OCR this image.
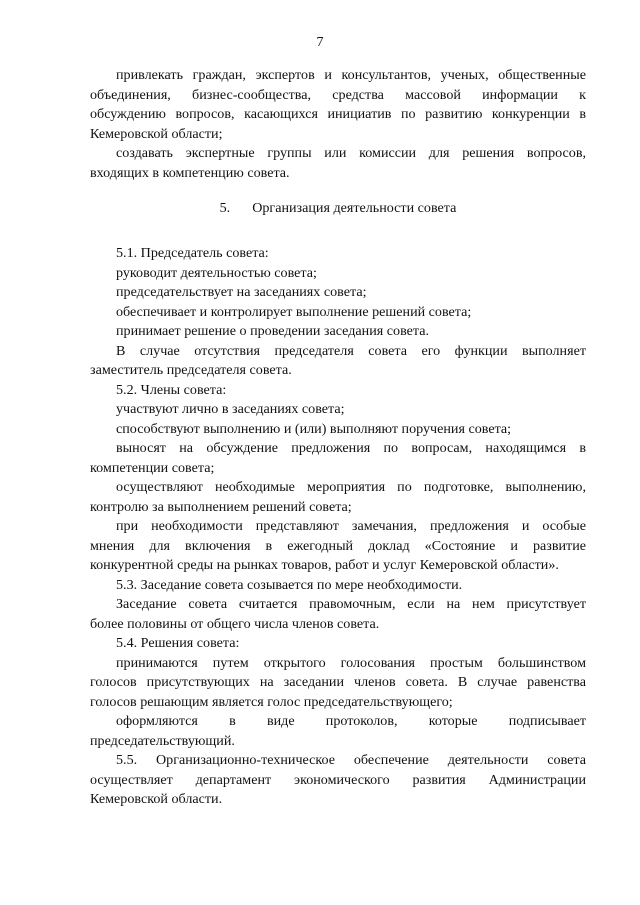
7
привлекать граждан, экспертов и консультантов, ученых, общественные
объединения, бизнес-сообщества, средства массовой информации к
обсуждению вопросов, касающихся инициатив по развитию конкуренции в
Кемеровской области;
создавать экспертные группы или комиссии для решения вопросов,
входящих в компетенцию совета.
5. Организация деятельности совета
5.1. Председатель совета:
руководит деятельностью совета;
председательствует на заседаниях совета;
обеспечивает и контролирует выполнение решений совета;
принимает решение о проведении заседания совета.
В случае отсутствия председателя совета его функции выполняет
заместитель председателя совета.
5.2. Члены совета:
участвуют лично в заседаниях совета;
способствуют выполнению и (или) выполняют поручения совета;
выносят на обсуждение предложения по вопросам, находящимся в
компетенции совета;
осуществляют необходимые мероприятия по подготовке, выполнению,
контролю за выполнением решений совета;
при необходимости представляют замечания, предложения и особые
мнения для включения в ежегодный доклад «Состояние и развитие
конкурентной среды на рынках товаров, работ и услуг Кемеровской области».
5.3. Заседание совета созывается по мере необходимости.
Заседание совета считается правомочным, если на нем присутствует
более половины от общего числа членов совета.
5.4. Решения совета:
принимаются путем открытого голосования простым большинством
голосов присутствующих на заседании членов совета. В случае равенства
голосов решающим является голос председательствующего;
оформляются в виде протоколов, которые подписывает
председательствующий.
5.5. Организационно-техническое обеспечение деятельности совета
осуществляет департамент экономического развития Администрации
Кемеровской области.
